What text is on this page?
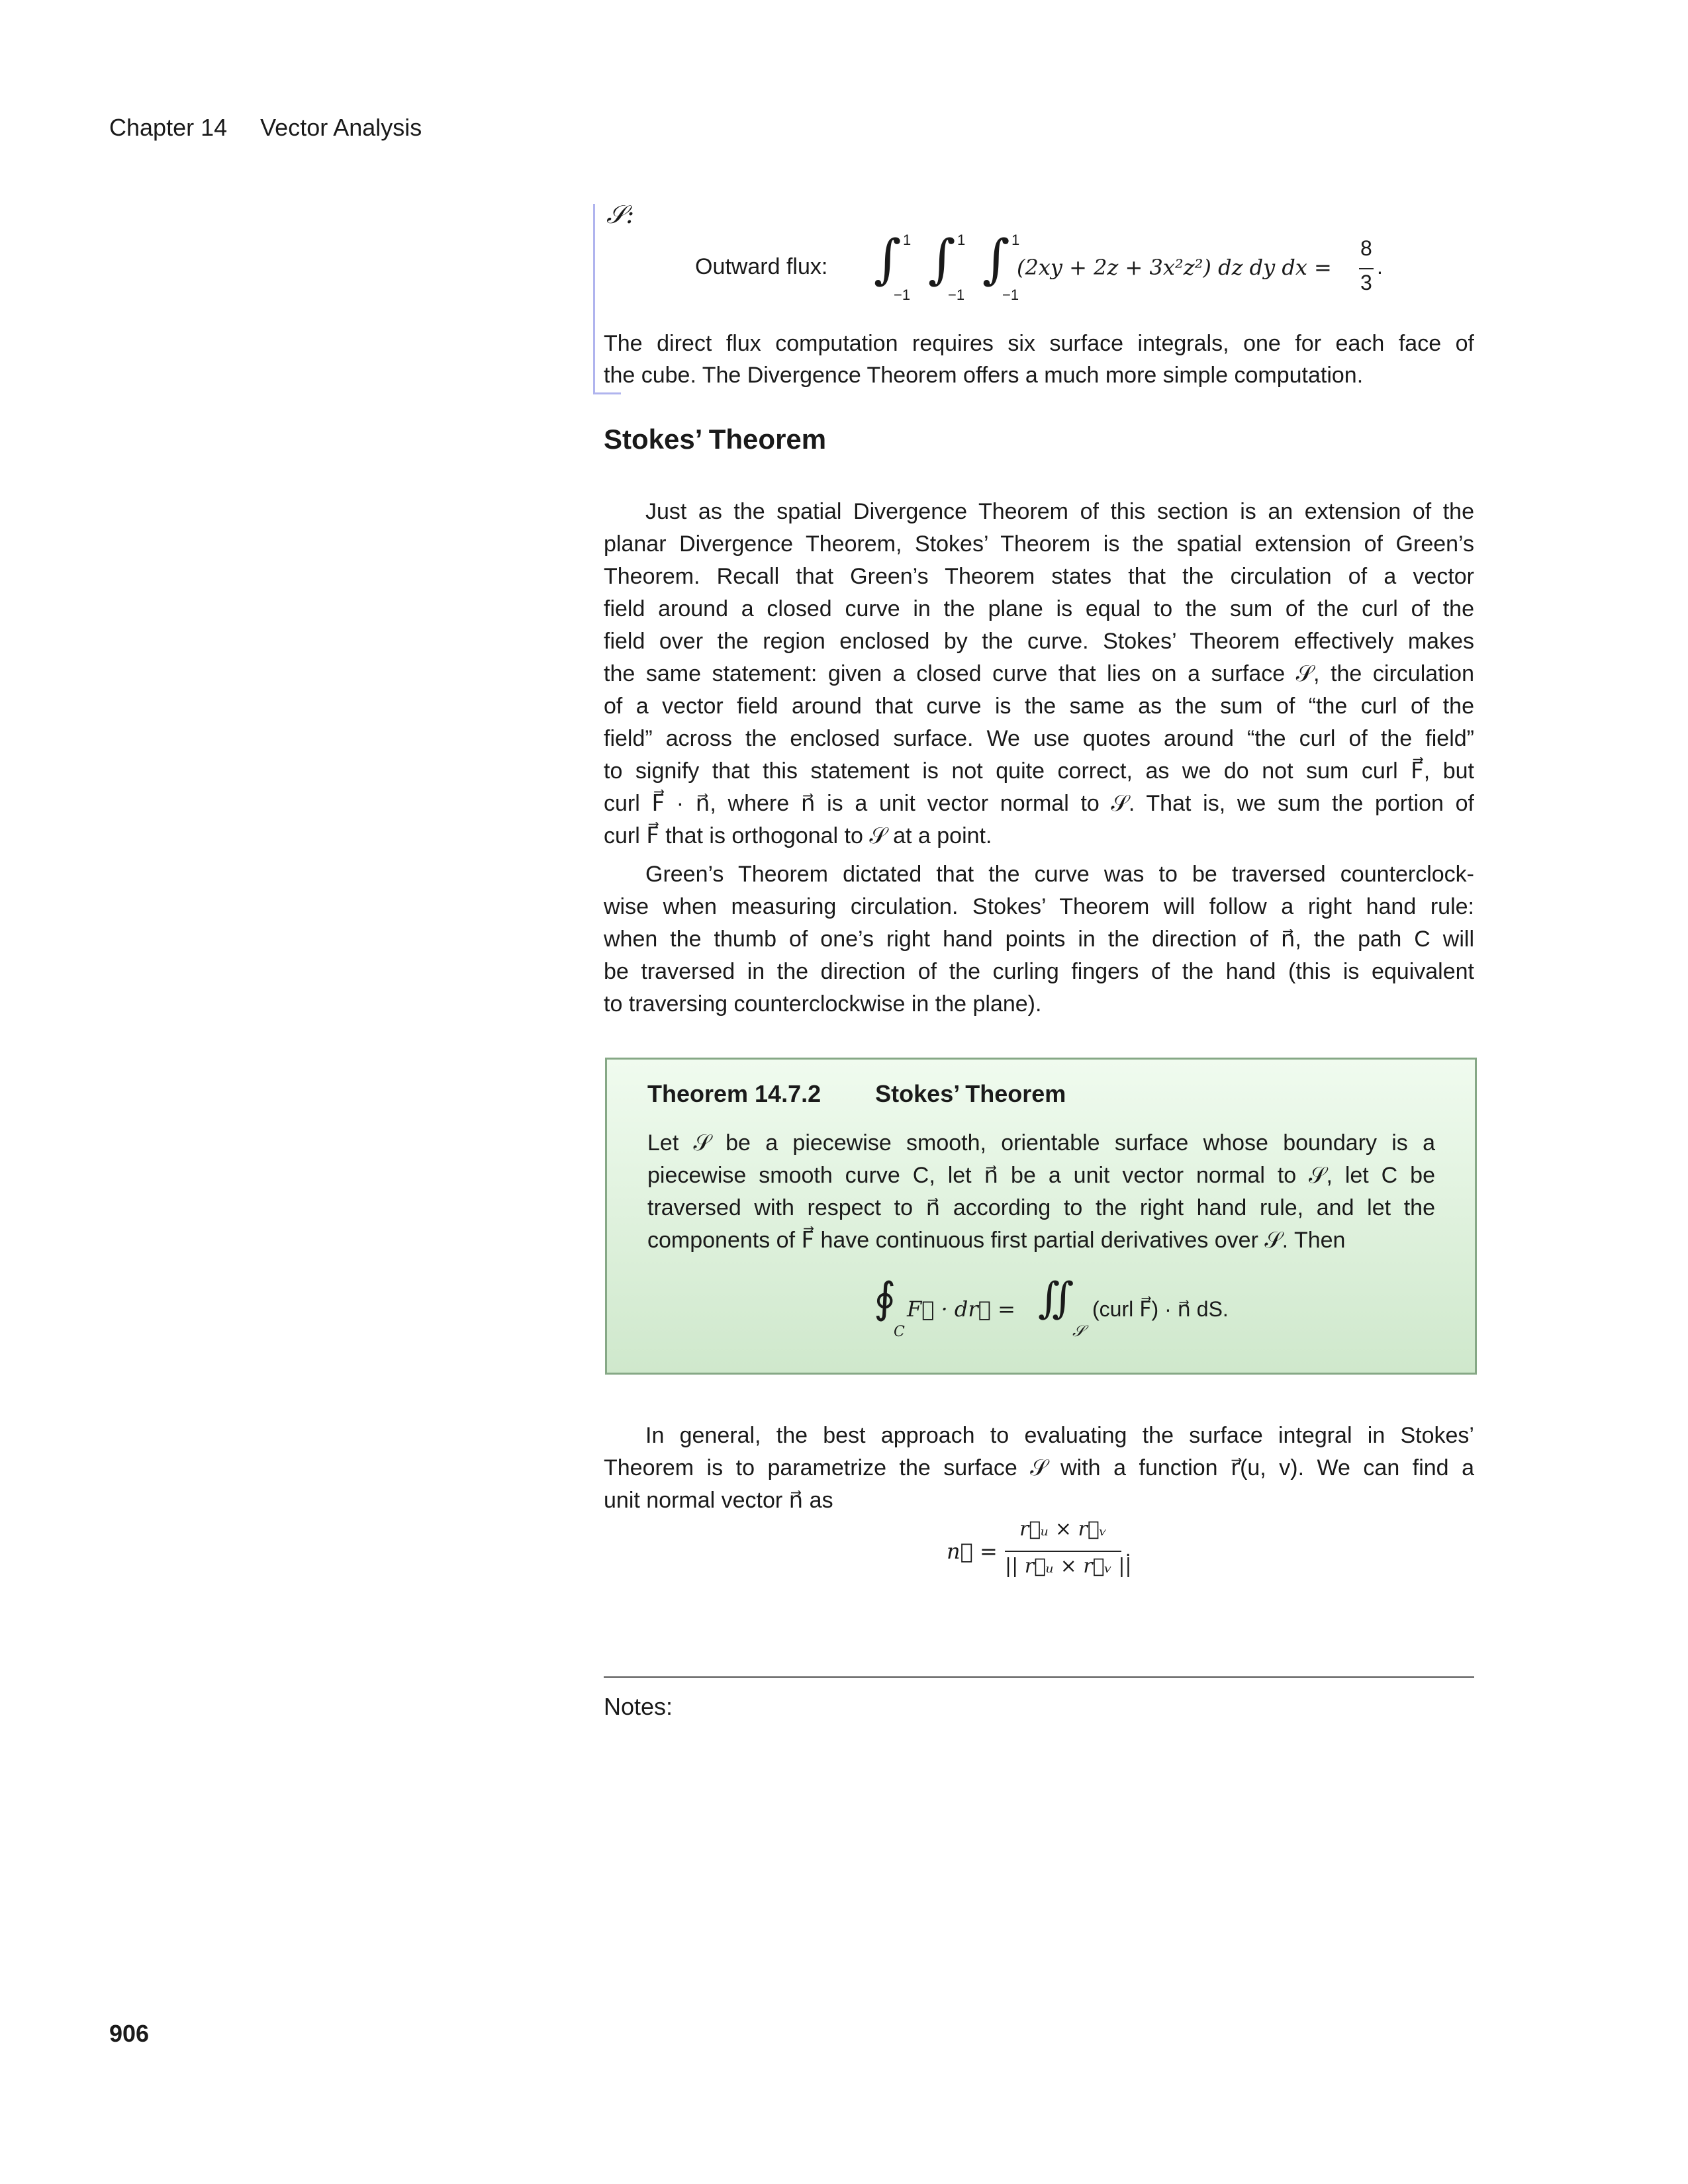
Chapter 14 Vector Analysis
𝒮:
Outward flux: ∫ 1
−1
∫ 1
−1
∫ 1
−1
(2xy + 2z + 3x²z²) dz dy dx =
8
3
.
The direct flux computation requires six surface integrals, one for each face of
the cube. The Divergence Theorem offers a much more simple computation.
Stokes’ Theorem
Just as the spatial Divergence Theorem of this section is an extension of the
planar Divergence Theorem, Stokes’ Theorem is the spatial extension of Green’s
Theorem. Recall that Green’s Theorem states that the circulation of a vector
field around a closed curve in the plane is equal to the sum of the curl of the
field over the region enclosed by the curve. Stokes’ Theorem effectively makes
the same statement: given a closed curve that lies on a surface 𝒮, the circulation
of a vector field around that curve is the same as the sum of “the curl of the
field” across the enclosed surface. We use quotes around “the curl of the field”
to signify that this statement is not quite correct, as we do not sum curl F⃗, but
curl F⃗ · n⃗, where n⃗ is a unit vector normal to 𝒮. That is, we sum the portion of
curl F⃗ that is orthogonal to 𝒮 at a point.
Green’s Theorem dictated that the curve was to be traversed counterclock-
wise when measuring circulation. Stokes’ Theorem will follow a right hand rule:
when the thumb of one’s right hand points in the direction of n⃗, the path C will
be traversed in the direction of the curling fingers of the hand (this is equivalent
to traversing counterclockwise in the plane).
Theorem 14.7.2 Stokes’ Theorem
Let 𝒮 be a piecewise smooth, orientable surface whose boundary is a
piecewise smooth curve C, let n⃗ be a unit vector normal to 𝒮, let C be
traversed with respect to n⃗ according to the right hand rule, and let the
components of F⃗ have continuous first partial derivatives over 𝒮. Then
∮
C
F⃗ · dr⃗ = ∬
𝒮
(curl F⃗) · n⃗ dS.
In general, the best approach to evaluating the surface integral in Stokes’
Theorem is to parametrize the surface 𝒮 with a function r⃗(u, v). We can find a
unit normal vector n⃗ as
n⃗ =
r⃗ᵤ × r⃗ᵥ
|| r⃗ᵤ × r⃗ᵥ ||
.
Notes:
906
